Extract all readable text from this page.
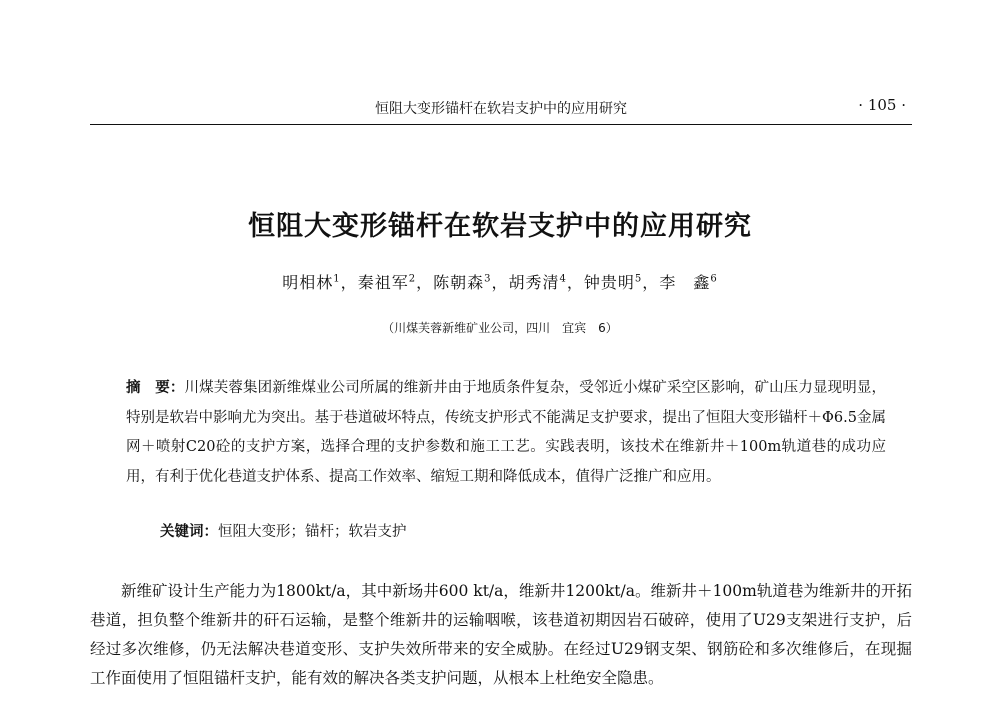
恒阻大变形锚杆在软岩支护中的应用研究	· 105 ·
恒阻大变形锚杆在软岩支护中的应用研究
明相林$^1$，秦祖军$^2$，陈朝森$^3$，胡秀清$^4$，钟贵明$^5$，李　鑫$^6$
（川煤芙蓉新维矿业公司，四川　宜宾　6）
摘　要：川煤芙蓉集团新维煤业公司所属的维新井由于地质条件复杂，受邻近小煤矿采空区影响，矿山压力显现明显，特别是软岩中影响尤为突出。基于巷道破坏特点，传统支护形式不能满足支护要求，提出了恒阻大变形锚杆＋Φ6.5金属网＋喷射C20砼的支护方案，选择合理的支护参数和施工工艺。实践表明，该技术在维新井＋100m轨道巷的成功应用，有利于优化巷道支护体系、提高工作效率、缩短工期和降低成本，值得广泛推广和应用。
关键词：恒阻大变形；锚杆；软岩支护
新维矿设计生产能力为1800kt/a，其中新场井600 kt/a，维新井1200kt/a。维新井＋100m轨道巷为维新井的开拓巷道，担负整个维新井的矸石运输，是整个维新井的运输咽喉，该巷道初期因岩石破碎，使用了U29支架进行支护，后经过多次维修，仍无法解决巷道变形、支护失效所带来的安全威胁。在经过U29钢支架、钢筋砼和多次维修后，在现掘工作面使用了恒阻锚杆支护，能有效的解决各类支护问题，从根本上杜绝安全隐患。
